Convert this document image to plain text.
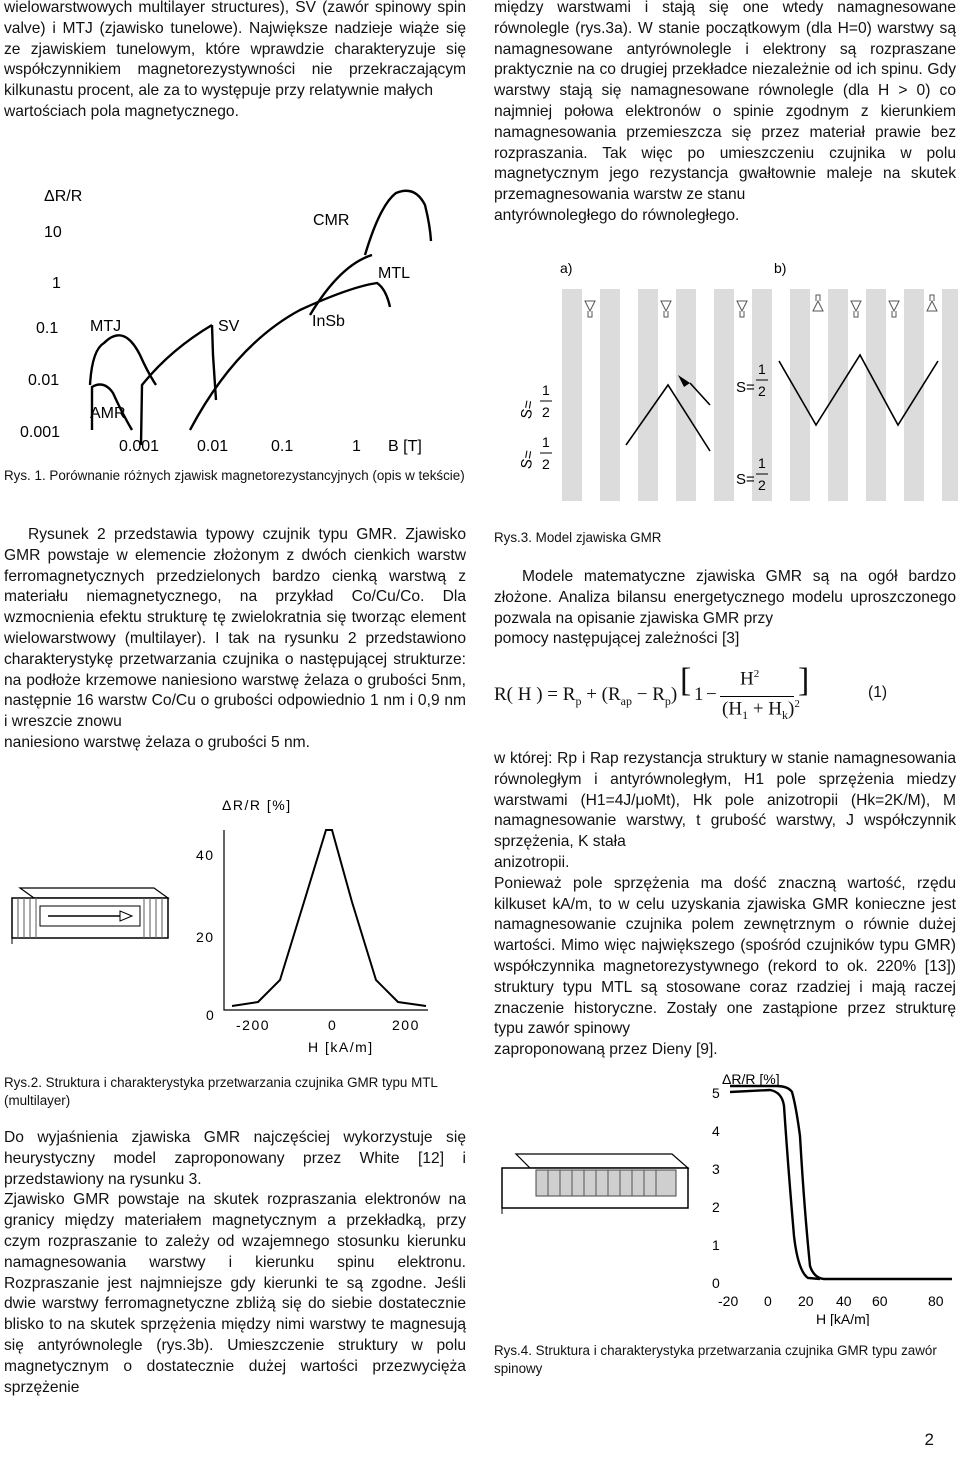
wielowarstwowych multilayer structures), SV (zawór spinowy spin valve) i MTJ (zjawisko tunelowe). Największe nadzieje wiąże się ze zjawiskiem tunelowym, które wprawdzie charakteryzuje się współczynnikiem magnetorezystywności nie przekraczającym kilkunastu procent, ale za to występuje przy relatywnie małych

wartościach pola magnetycznego.

ΔR/R
10
1
0.1
0.01
0.001
0.001 0.01	0.1	1 B [T]
CMR
MTL
MTJ	SV	InSb
AMR

Rys. 1. Porównanie różnych zjawisk magnetorezystancyjnych (opis w tekście)

Rysunek 2 przedstawia typowy czujnik typu GMR. Zjawisko GMR powstaje w elemencie złożonym z dwóch cienkich warstw ferromagnetycznych przedzielonych bardzo cienką warstwą z materiału niemagnetycznego, na przykład Co/Cu/Co. Dla wzmocnienia efektu strukturę tę zwielokratnia się tworząc element wielowarstwowy (multilayer). I tak na rysunku 2 przedstawiono charakterystykę przetwarzania czujnika o następującej strukturze: na podłoże krzemowe naniesiono warstwę żelaza o grubości 5nm, następnie 16 warstw Co/Cu o grubości odpowiednio 1 nm i 0,9 nm i wreszcie znowu

naniesiono warstwę żelaza o grubości 5 nm.

ΔR/R [%]
40
20
0
-200	0	200
H [kA/m]

Rys.2. Struktura i charakterystyka przetwarzania czujnika GMR typu MTL (multilayer)

Do wyjaśnienia zjawiska GMR najczęściej wykorzystuje się heurystyczny model zaproponowany przez White [12] i przedstawiony na rysunku 3.

Zjawisko GMR powstaje na skutek rozpraszania elektronów na granicy między materiałem magnetycznym a przekładką, przy czym rozpraszanie to zależy od wzajemnego stosunku kierunku namagnesowania warstwy i kierunku spinu elektronu. Rozpraszanie jest najmniejsze gdy kierunki te są zgodne. Jeśli dwie warstwy ferromagnetyczne zbliżą się do siebie dostatecznie blisko to na skutek sprzężenia między nimi warstwy te magnesują się antyrównolegle (rys.3b). Umieszczenie struktury w polu magnetycznym o dostatecznie dużej wartości przezwycięża sprzężenie

między warstwami i stają się one wtedy namagnesowane równolegle (rys.3a). W stanie początkowym (dla H=0) warstwy są namagnesowane antyrównolegle i elektrony są rozpraszane praktycznie na co drugiej przekładce niezależnie od ich spinu. Gdy warstwy stają się namagnesowane równolegle (dla H > 0) co najmniej połowa elektronów o spinie zgodnym z kierunkiem namagnesowania przemieszcza się przez materiał prawie bez rozpraszania. Tak więc po umieszczeniu czujnika w polu magnetycznym jego rezystancja gwałtownie maleje na skutek przemagnesowania warstw ze stanu

antyrównoległego do równoległego.

a)	b)
S=
1
2
S=
1
2
S=
1
2
S=
1
2

Rys.3. Model zjawiska GMR

Modele matematyczne zjawiska GMR są na ogół bardzo złożone. Analiza bilansu energetycznego modelu uproszczonego pozwala na opisanie zjawiska GMR przy

pomocy następującej zależności [3]

R( H ) = $R_p + (R_{ap} - R_p)$ [ 1 −
$H^2$
$(H_1 + H_k)^2$
]	(1)

w której: Rp i Rap rezystancja struktury w stanie namagnesowania równoległym i antyrównoległym, H1 pole sprzężenia miedzy warstwami (H1=4J/μoMt), Hk pole anizotropii (Hk=2K/M), M namagnesowanie warstwy, t grubość warstwy, J współczynnik sprzężenia, K stała

anizotropii.

Ponieważ pole sprzężenia ma dość znaczną wartość, rzędu kilkuset kA/m, to w celu uzyskania zjawiska GMR konieczne jest namagnesowanie czujnika polem zewnętrznym o równie dużej wartości. Mimo więc największego (spośród czujników typu GMR) współczynnika magnetorezystywnego (rekord to ok. 220% [13]) struktury typu MTL są stosowane coraz rzadziej i mają raczej znaczenie historyczne. Zostały one zastąpione przez strukturę typu zawór spinowy

zaproponowaną przez Dieny [9].

ΔR/R [%]
5
4
3
2
1
0
-20 0 20 40 60	80
H [kA/m]

Rys.4. Struktura i charakterystyka przetwarzania czujnika GMR typu zawór spinowy

2
